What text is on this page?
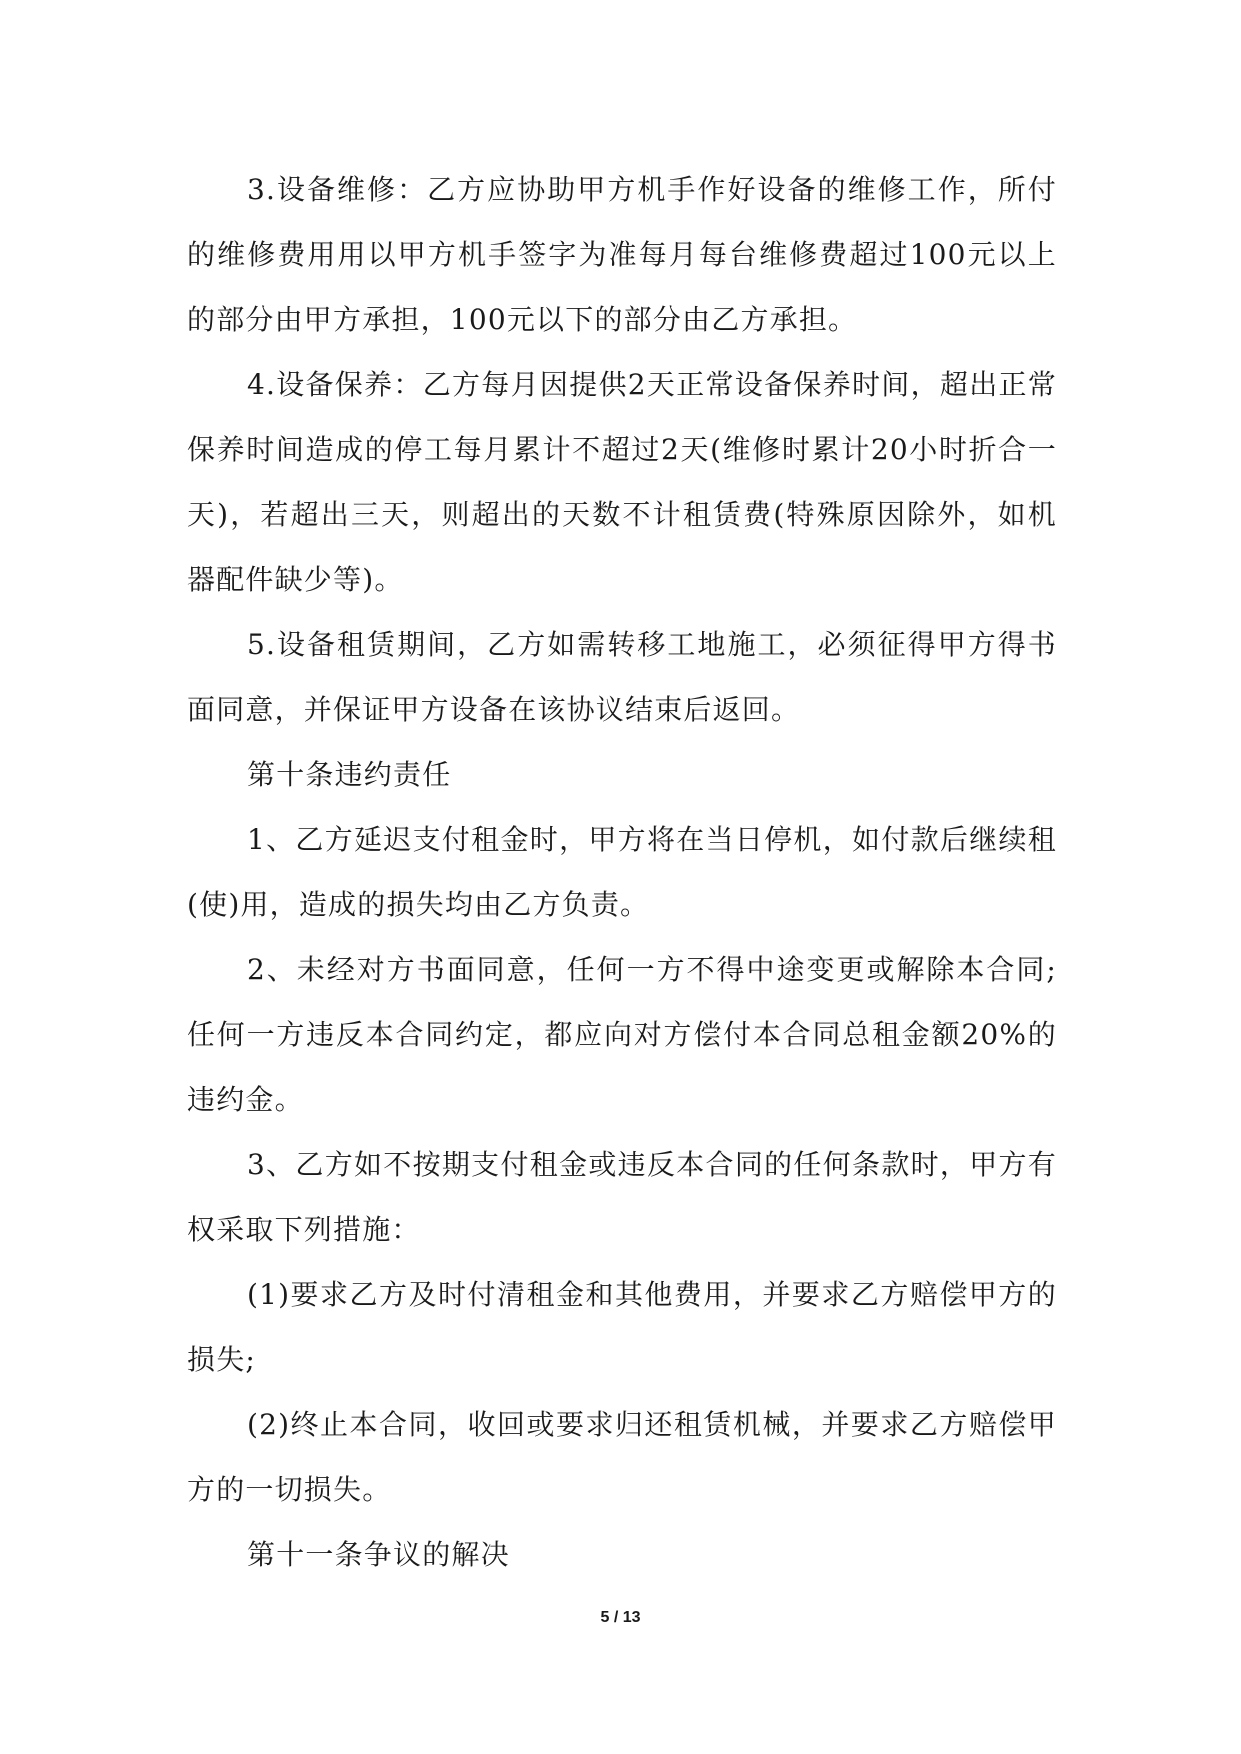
3.设备维修：乙方应协助甲方机手作好设备的维修工作，所付的维修费用用以甲方机手签字为准每月每台维修费超过100元以上的部分由甲方承担，100元以下的部分由乙方承担。

4.设备保养：乙方每月因提供2天正常设备保养时间，超出正常保养时间造成的停工每月累计不超过2天(维修时累计20小时折合一天)，若超出三天，则超出的天数不计租赁费(特殊原因除外，如机器配件缺少等)。

5.设备租赁期间，乙方如需转移工地施工，必须征得甲方得书面同意，并保证甲方设备在该协议结束后返回。

第十条违约责任

1、乙方延迟支付租金时，甲方将在当日停机，如付款后继续租(使)用，造成的损失均由乙方负责。

2、未经对方书面同意，任何一方不得中途变更或解除本合同;任何一方违反本合同约定，都应向对方偿付本合同总租金额20%的违约金。

3、乙方如不按期支付租金或违反本合同的任何条款时，甲方有权采取下列措施：

(1)要求乙方及时付清租金和其他费用，并要求乙方赔偿甲方的损失;

(2)终止本合同，收回或要求归还租赁机械，并要求乙方赔偿甲方的一切损失。

第十一条争议的解决

5 / 13
